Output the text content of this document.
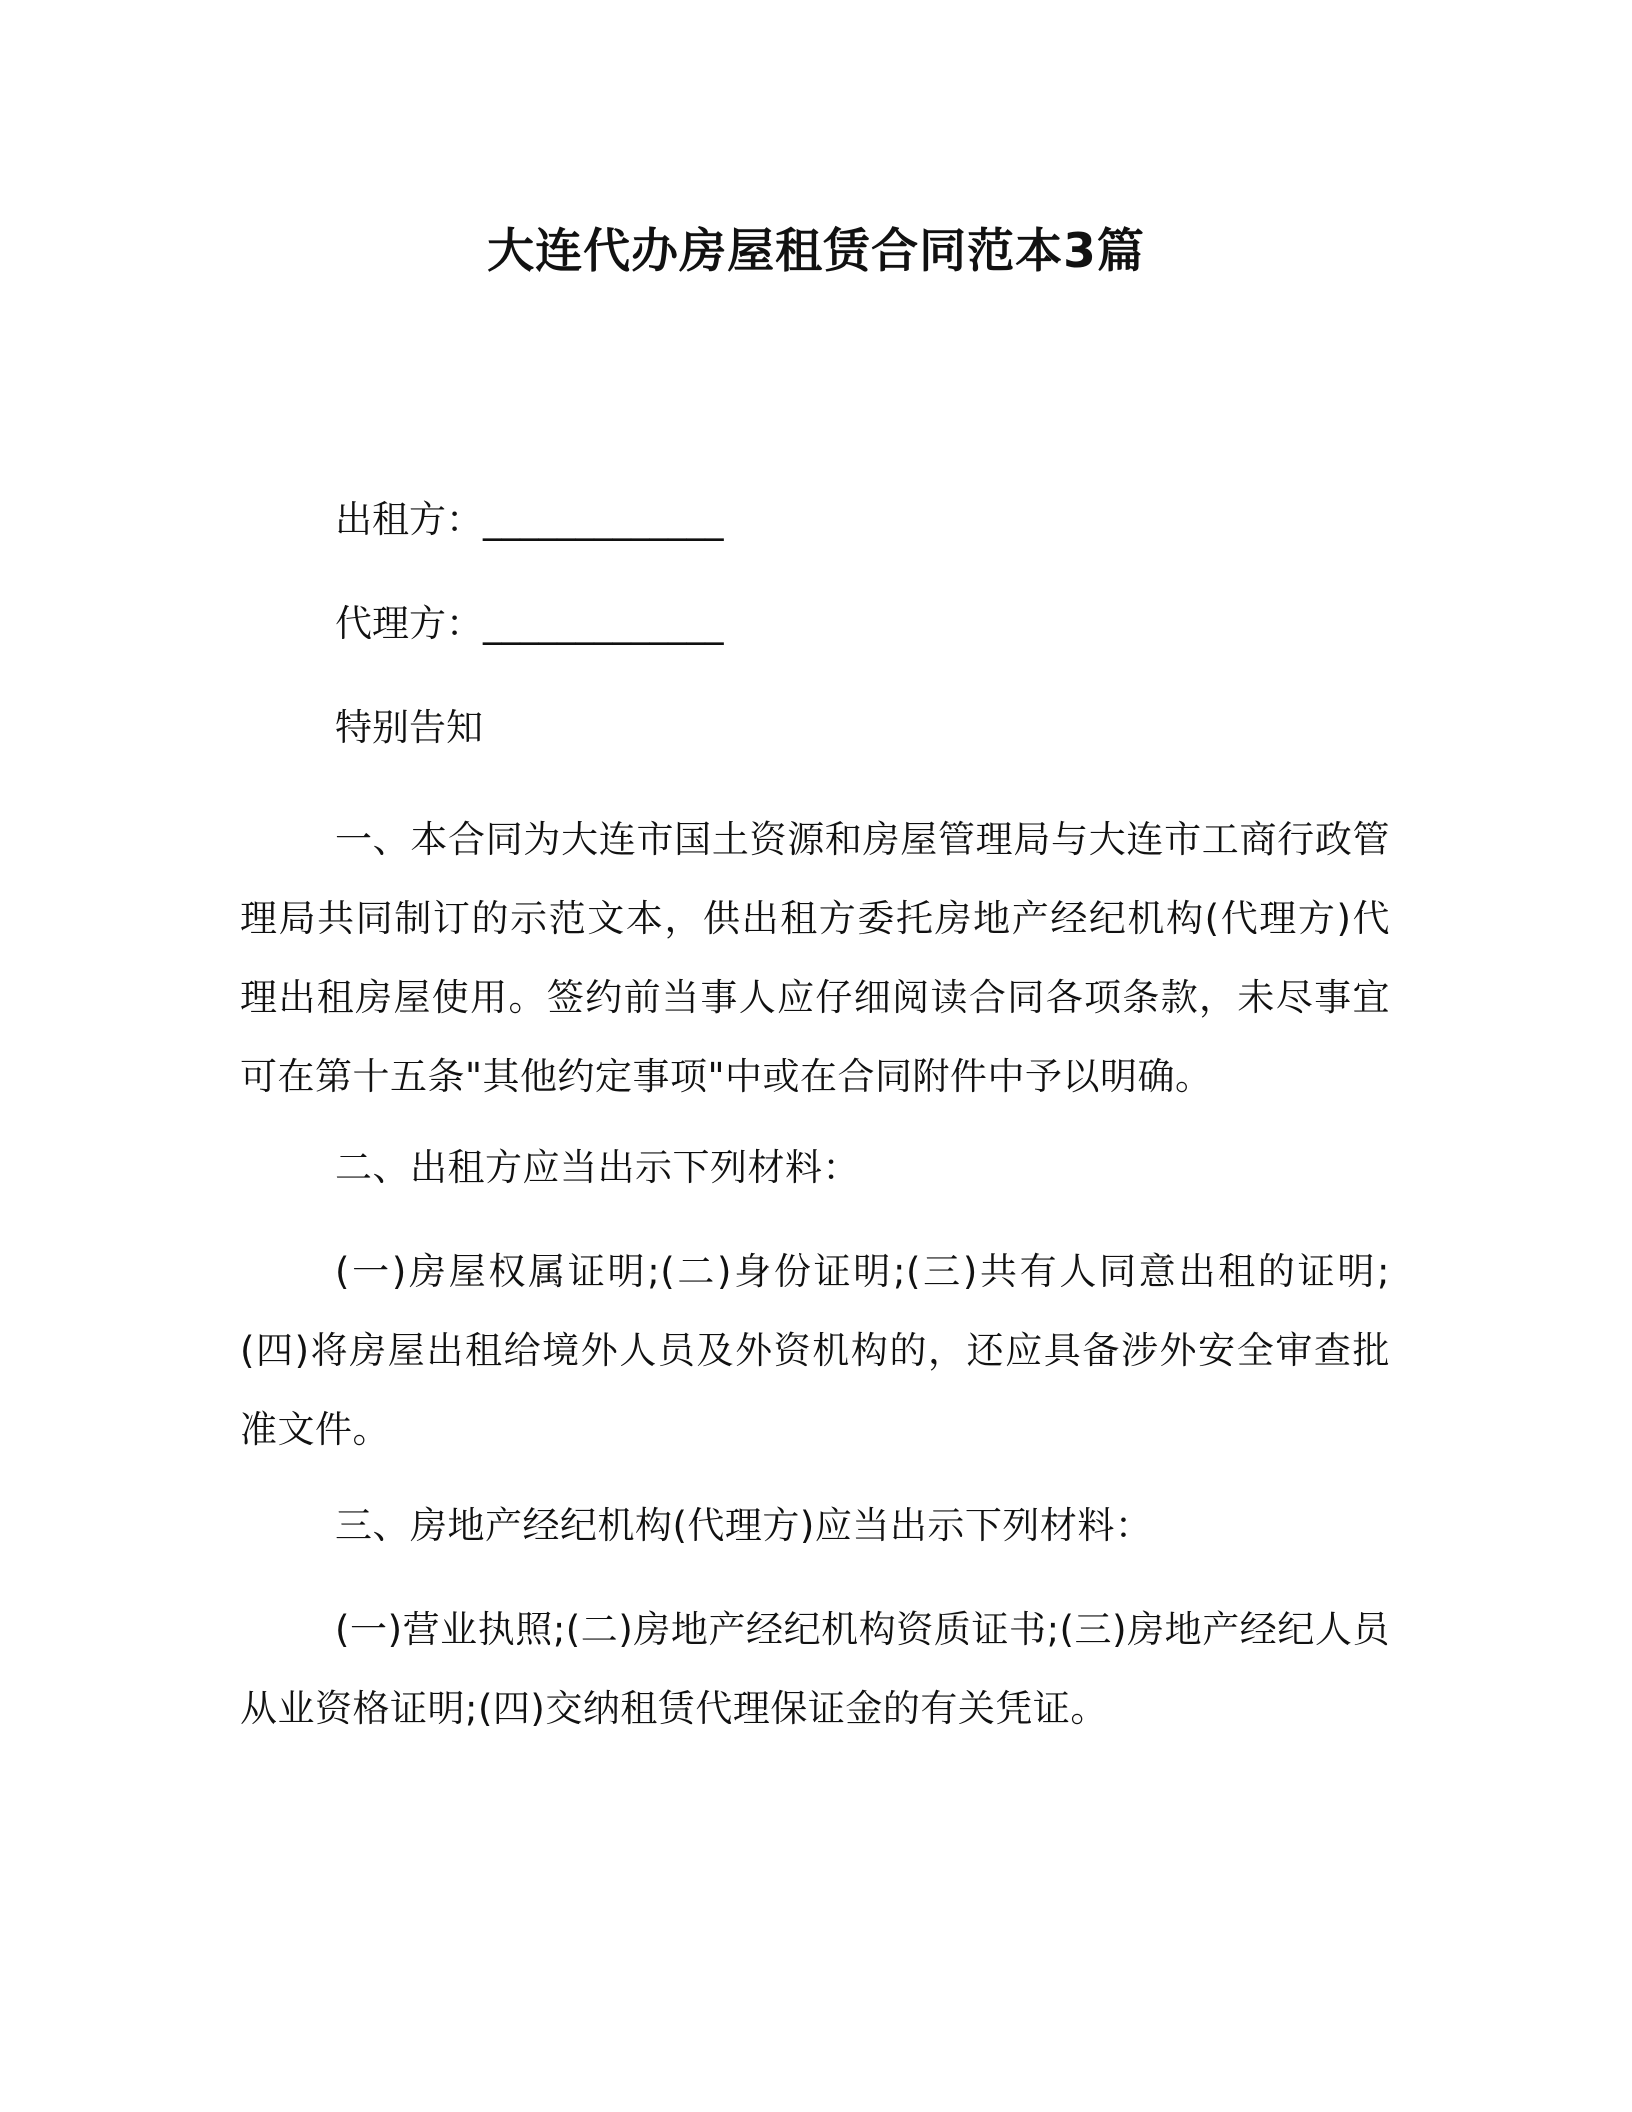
大连代办房屋租赁合同范本3篇
出租方：_____________
代理方：_____________
特别告知

一、本合同为大连市国土资源和房屋管理局与大连市工商行政管理局共同制订的示范文本，供出租方委托房地产经纪机构(代理方)代理出租房屋使用。签约前当事人应仔细阅读合同各项条款，未尽事宜可在第十五条"其他约定事项"中或在合同附件中予以明确。

二、出租方应当出示下列材料：

(一)房屋权属证明;(二)身份证明;(三)共有人同意出租的证明;(四)将房屋出租给境外人员及外资机构的，还应具备涉外安全审查批准文件。

三、房地产经纪机构(代理方)应当出示下列材料：

(一)营业执照;(二)房地产经纪机构资质证书;(三)房地产经纪人员从业资格证明;(四)交纳租赁代理保证金的有关凭证。
